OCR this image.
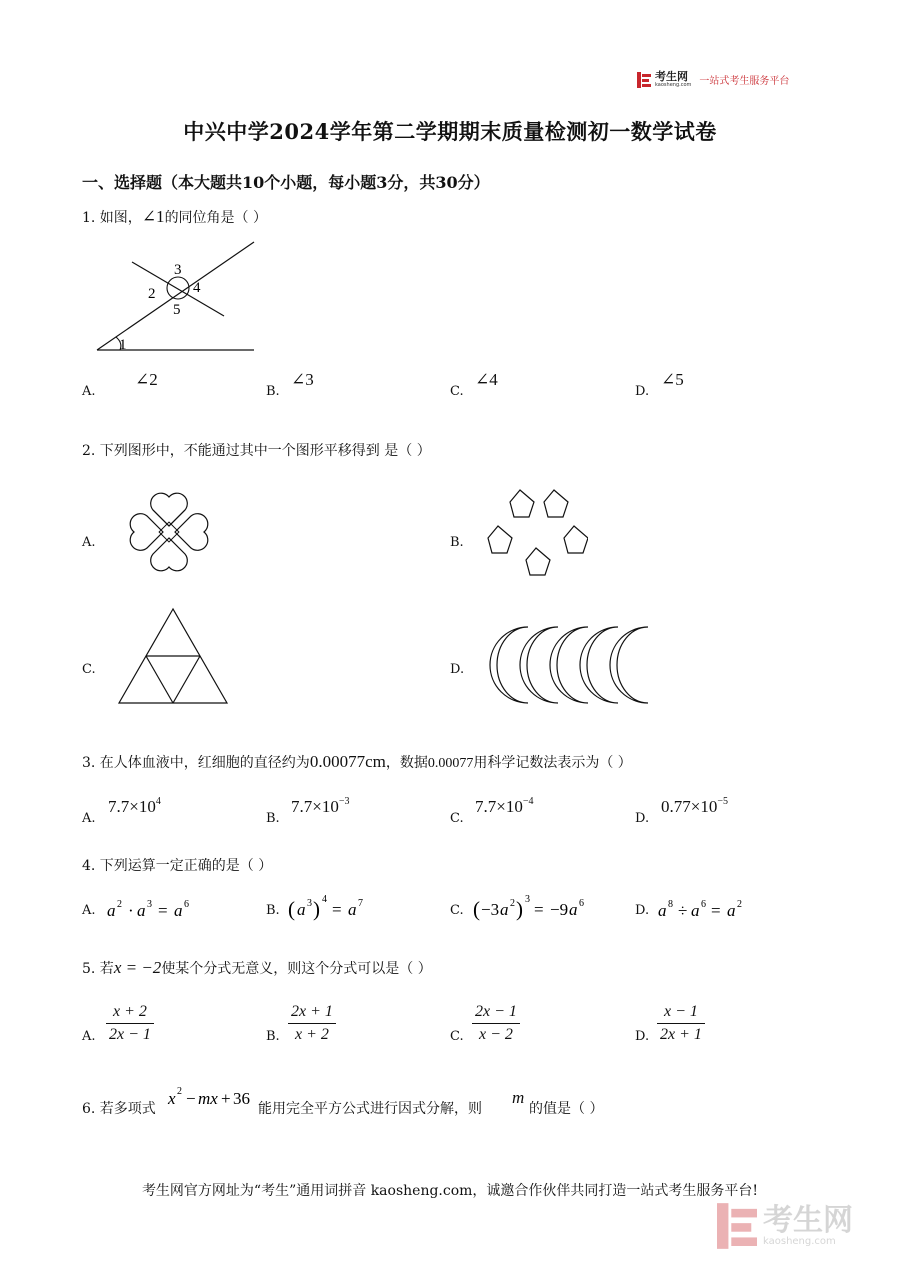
考生网
kaosheng.com 一站式考生服务平台
中兴中学2024学年第二学期期末质量检测初一数学试卷
一、选择题（本大题共10个小题，每小题3分，共30分）
1. 如图，∠1的同位角是（ ）
3
2	4
5
1
A.
∠2
B.
∠3
C.
∠4
D.
∠5
2. 下列图形中，不能通过其中一个图形平移得到 是（ ）
A.	B.
C.	D.
3. 在人体血液中，红细胞的直径约为0.00077cm，数据0.00077用科学记数法表示为（ ）
A.
$7.7\times 10^4$
B.
$7.7\times 10^{-3}$
C.
$7.7\times 10^{-4}$
D.
$0.77\times 10^{-5}$
4. 下列运算一定正确的是（ ）
A. a 2 · a 3 = a 6	B. ( a 3 ) 4
= a 7	C. ( −3 a 2 ) 3
= −9 a 6	D. a 8 ÷ a 6 = a 2
5. 若x = −2使某个分式无意义，则这个分式可以是（ ）
A. $\frac{x + 2}{2x - 1}$	B. $\frac{2x + 1}{x + 2}$	C. $\frac{2x - 1}{x - 2}$	D. $\frac{x - 1}{2x + 1}$
6. 若多项式
x 2 − mx + 36
能用完全平方公式进行因式分解，则
m
的值是（ ）
考生网官方网址为“考生”通用词拼音 kaosheng.com，诚邀合作伙伴共同打造一站式考生服务平台!
考生网
kaosheng.com
